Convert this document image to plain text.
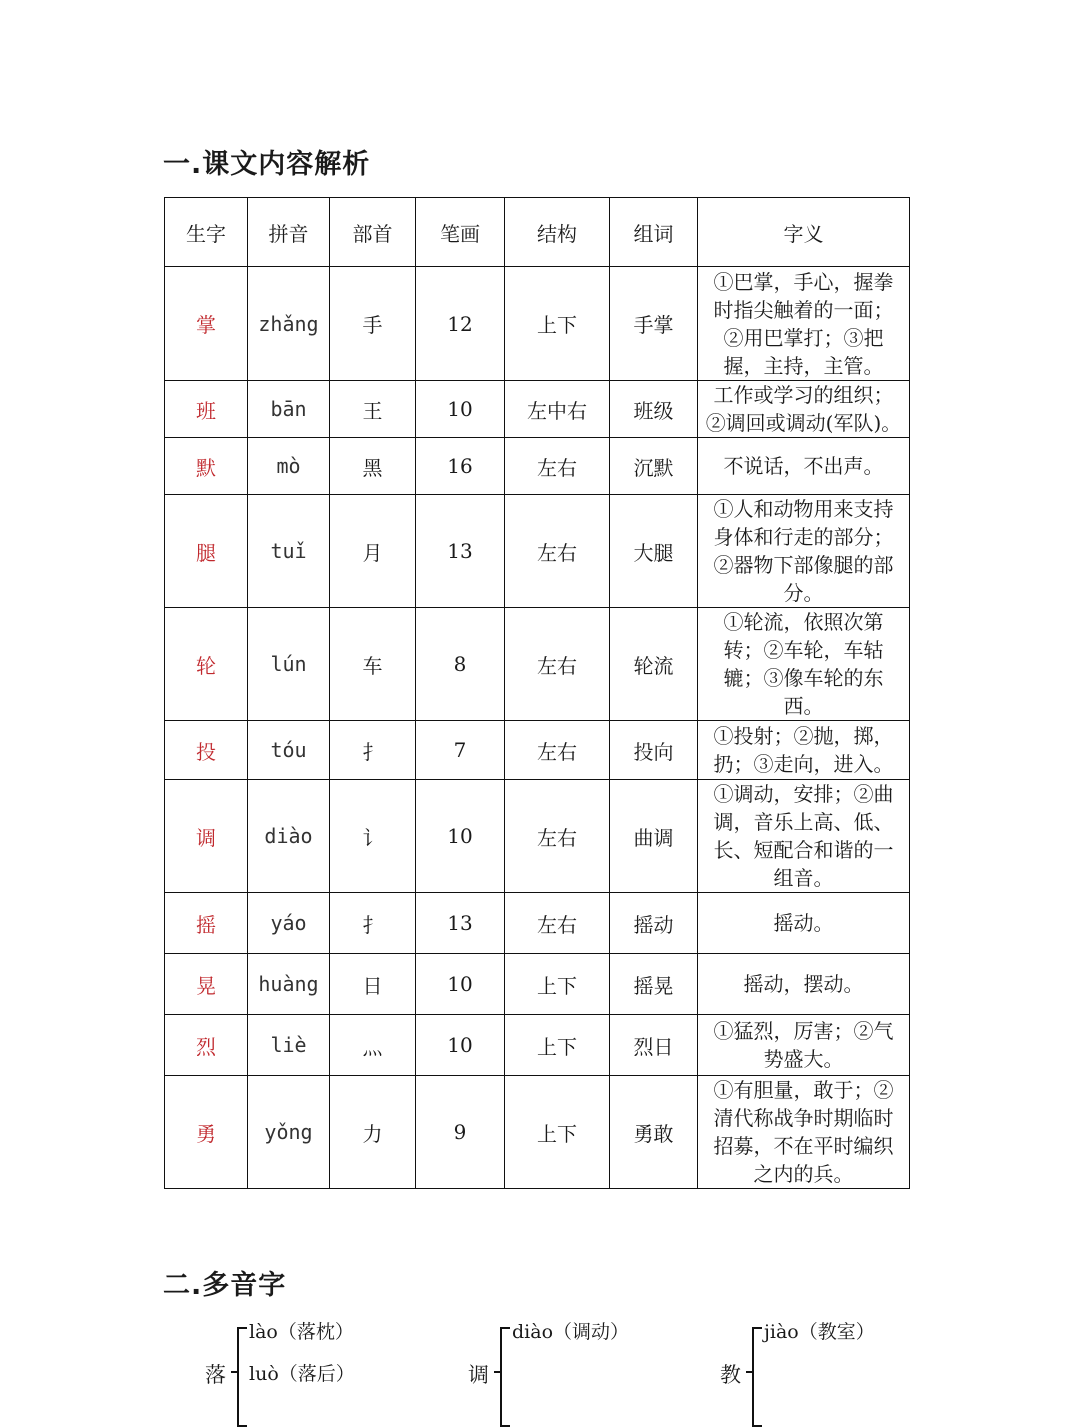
一.课文内容解析
生字	拼音	部首	笔画	结构	组词	字义
掌	zhǎng	手	12	上下	手掌	①巴掌，手心，握拳时指尖触着的一面；②用巴掌打；③把握，主持，主管。
班	bān	王	10	左中右	班级	工作或学习的组织；②调回或调动(军队)。
默	mò	黑	16	左右	沉默	不说话，不出声。
腿	tuǐ	月	13	左右	大腿	①人和动物用来支持身体和行走的部分；②器物下部像腿的部分。
轮	lún	车	8	左右	轮流	①轮流，依照次第转；②车轮，车轱辘；③像车轮的东西。
投	tóu	扌	7	左右	投向	①投射；②抛，掷，扔；③走向，进入。
调	diào	讠	10	左右	曲调	①调动，安排；②曲调，音乐上高、低、长、短配合和谐的一组音。
摇	yáo	扌	13	左右	摇动	摇动。
晃	huàng	日	10	上下	摇晃	摇动，摆动。
烈	liè	灬	10	上下	烈日	①猛烈，厉害；②气势盛大。
勇	yǒng	力	9	上下	勇敢	①有胆量，敢于；②清代称战争时期临时招募，不在平时编织之内的兵。
二.多音字
落
lào（落枕）
luò（落后）	调
diào（调动）
教
jiào（教室）
